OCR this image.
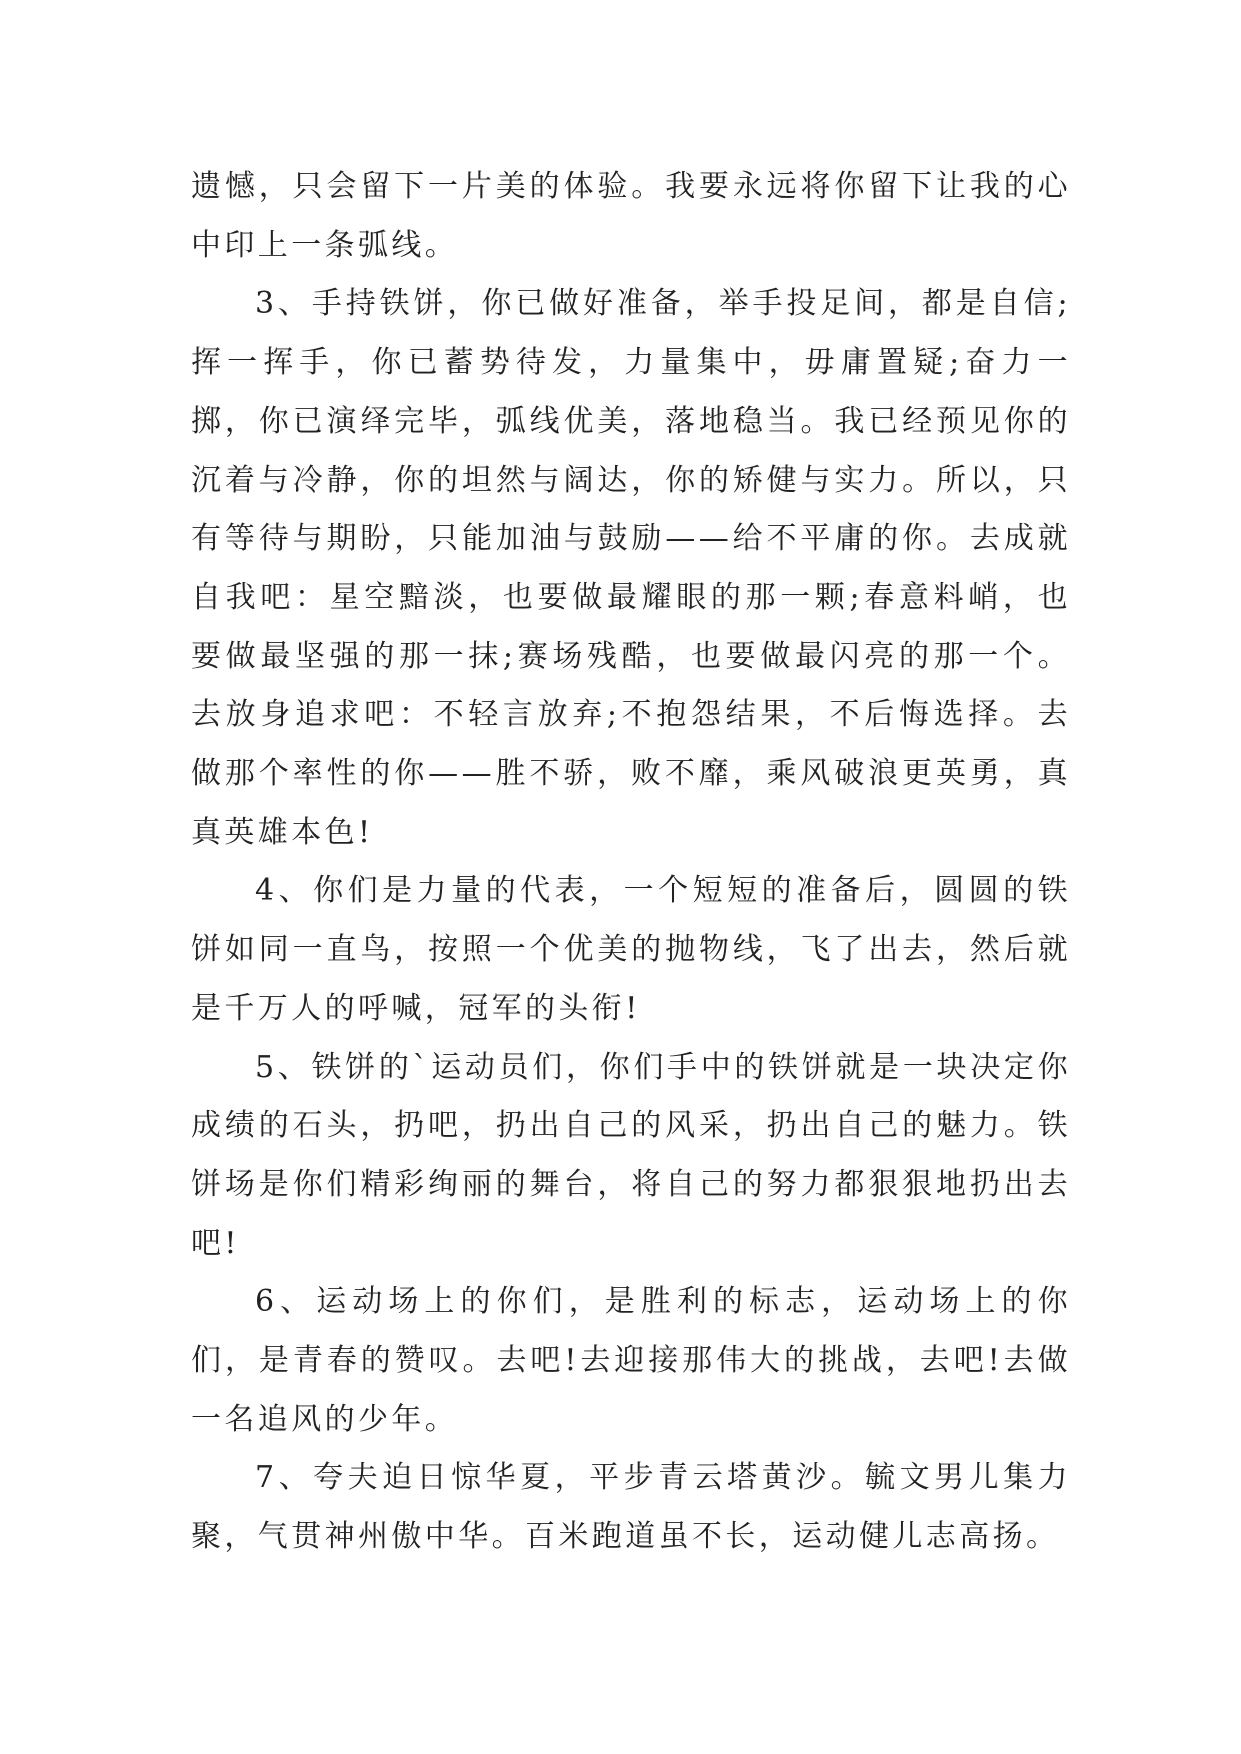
遗憾，只会留下一片美的体验。我要永远将你留下让我的心中印上一条弧线。

3、手持铁饼，你已做好准备，举手投足间，都是自信;挥一挥手，你已蓄势待发，力量集中，毋庸置疑;奋力一掷，你已演绎完毕，弧线优美，落地稳当。我已经预见你的沉着与冷静，你的坦然与阔达，你的矫健与实力。所以，只有等待与期盼，只能加油与鼓励——给不平庸的你。去成就自我吧：星空黯淡，也要做最耀眼的那一颗;春意料峭，也要做最坚强的那一抹;赛场残酷，也要做最闪亮的那一个。去放身追求吧：不轻言放弃;不抱怨结果，不后悔选择。去做那个率性的你——胜不骄，败不靡，乘风破浪更英勇，真真英雄本色!

4、你们是力量的代表，一个短短的准备后，圆圆的铁饼如同一直鸟，按照一个优美的抛物线，飞了出去，然后就是千万人的呼喊，冠军的头衔!

5、铁饼的`运动员们，你们手中的铁饼就是一块决定你成绩的石头，扔吧，扔出自己的风采，扔出自己的魅力。铁饼场是你们精彩绚丽的舞台，将自己的努力都狠狠地扔出去吧!

6、运动场上的你们，是胜利的标志，运动场上的你们，是青春的赞叹。去吧!去迎接那伟大的挑战，去吧!去做一名追风的少年。

7、夸夫迫日惊华夏，平步青云塔黄沙。毓文男儿集力聚，气贯神州傲中华。百米跑道虽不长，运动健儿志高扬。
